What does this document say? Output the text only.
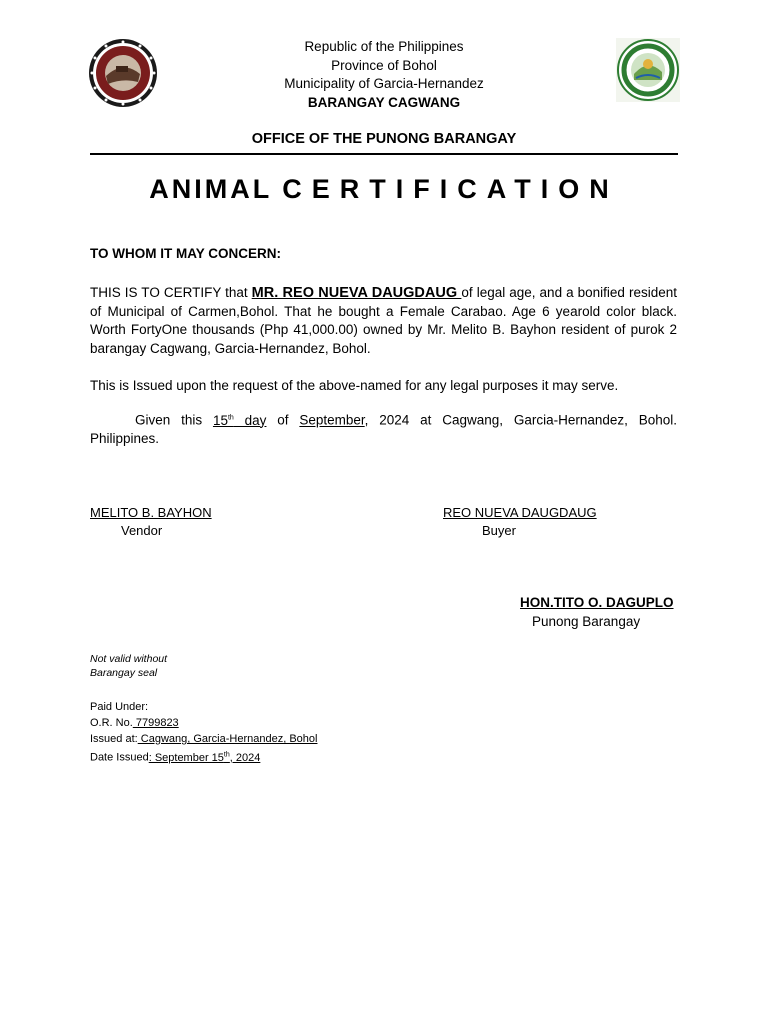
Republic of the Philippines
Province of Bohol
Municipality of Garcia-Hernandez
BARANGAY CAGWANG
OFFICE OF THE PUNONG BARANGAY
ANIMAL CERTIFICATION
TO WHOM IT MAY CONCERN:
THIS IS TO CERTIFY that MR. REO NUEVA DAUGDAUG of legal age, and a bonified resident of Municipal of Carmen,Bohol. That he bought a Female Carabao. Age 6 yearold color black. Worth FortyOne thousands (Php 41,000.00) owned by Mr. Melito B. Bayhon resident of purok 2 barangay Cagwang, Garcia-Hernandez, Bohol.
This is Issued upon the request of the above-named for any legal purposes it may serve.
Given this 15th day of September, 2024 at Cagwang, Garcia-Hernandez, Bohol. Philippines.
MELITO B. BAYHON
Vendor
REO NUEVA DAUGDAUG
Buyer
HON.TITO O. DAGUPLO
Punong Barangay
Not valid without
Barangay seal
Paid Under:
O.R. No. 7799823
Issued at: Cagwang, Garcia-Hernandez, Bohol
Date Issued: September 15th, 2024
